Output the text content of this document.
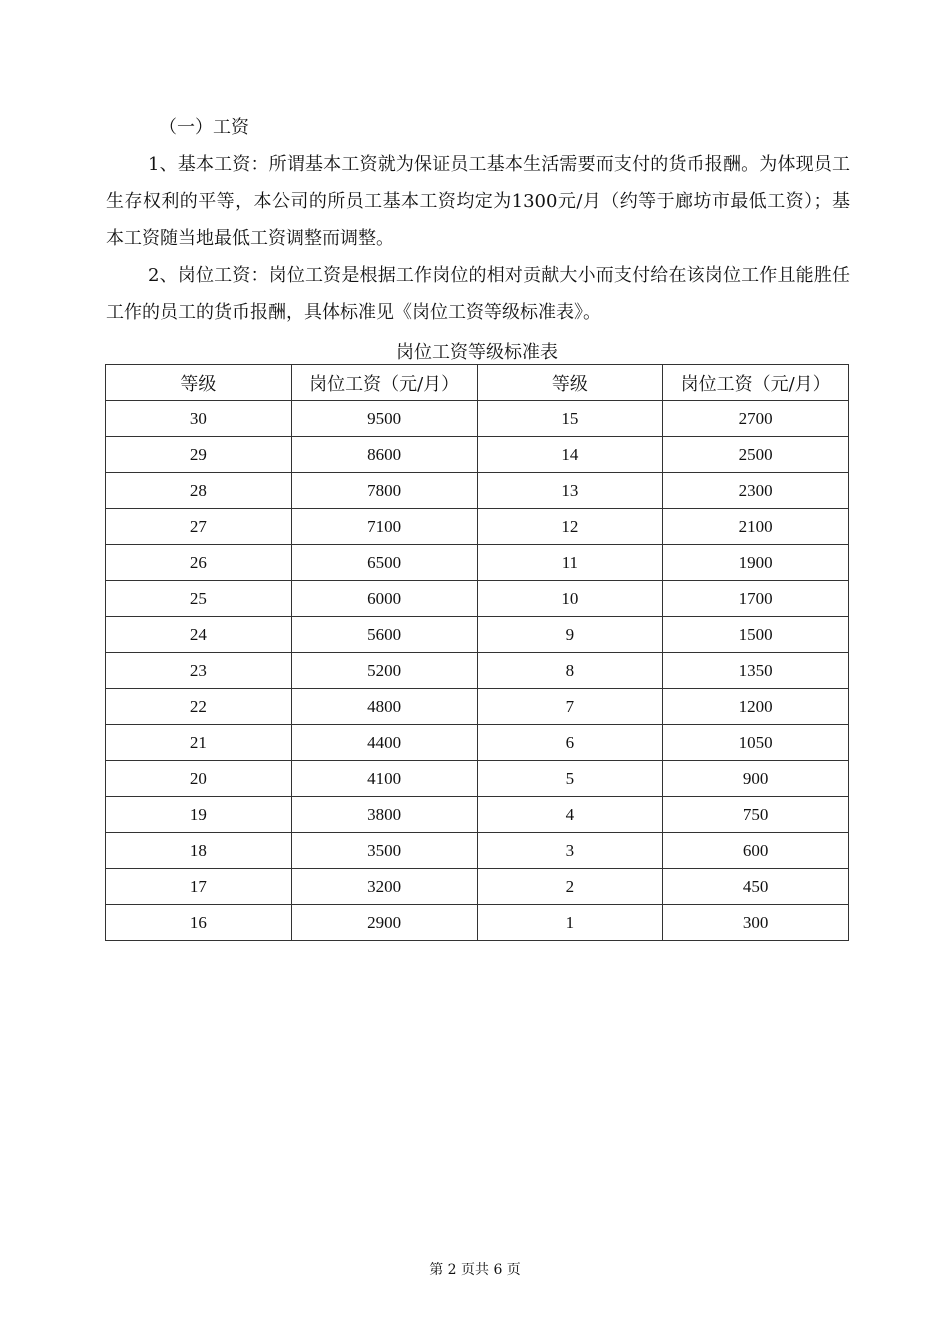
（一）工资

1、基本工资：所谓基本工资就为保证员工基本生活需要而支付的货币报酬。为体现员工生存权利的平等，本公司的所员工基本工资均定为1300元/月（约等于廊坊市最低工资）；基本工资随当地最低工资调整而调整。

2、岗位工资：岗位工资是根据工作岗位的相对贡献大小而支付给在该岗位工作且能胜任工作的员工的货币报酬，具体标准见《岗位工资等级标准表》。

岗位工资等级标准表
等级	岗位工资（元/月）	等级	岗位工资（元/月）
30	9500	15	2700
29	8600	14	2500
28	7800	13	2300
27	7100	12	2100
26	6500	11	1900
25	6000	10	1700
24	5600	9	1500
23	5200	8	1350
22	4800	7	1200
21	4400	6	1050
20	4100	5	900
19	3800	4	750
18	3500	3	600
17	3200	2	450
16	2900	1	300
第 2 页共 6 页
